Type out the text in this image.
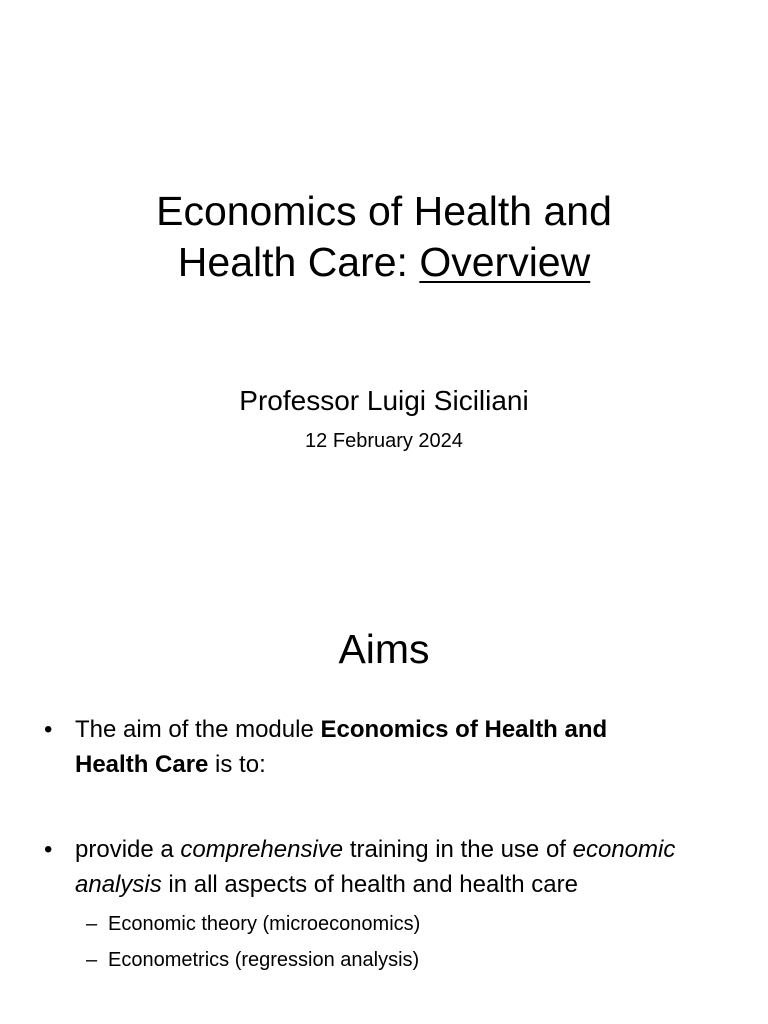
Economics of Health and
Health Care: Overview
Professor Luigi Siciliani
12 February 2024
Aims
• The aim of the module Economics of Health and Health Care is to:
• provide a comprehensive training in the use of economic analysis in all aspects of health and health care
– Economic theory (microeconomics)
– Econometrics (regression analysis)
